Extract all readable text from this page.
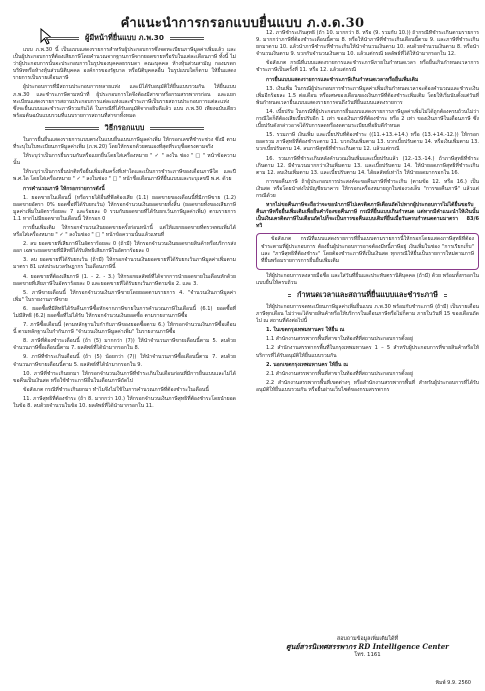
คำแนะนำการกรอกแบบยื่นแบบ ภ.ง.ด.30
ผู้มีหน้าที่ยื่นแบบ ภ.พ.30

แบบ ภ.พ.30 นี้ เป็นแบบแสดงรายการสำหรับผู้ประกอบการซึ่งจดทะเบียนภาษีมูลค่าเพิ่มแล้ว และเป็นผู้ประกอบการที่ต้องเสียภาษีโดยคำนวณจากฐานภาษีจากยอดขายหรือรับในแต่ละเดือนภาษี ทั้งนี้ ไม่ว่าผู้ประกอบการนั้นจะประกอบการในรูปของบุคคลธรรมดา คณะบุคคล ห้างหุ้นส่วนสามัญ กองมรดก บริษัทหรือห้างหุ้นส่วนนิติบุคคล องค์การของรัฐบาล หรือนิติบุคคลอื่น ในรูปแบบใดก็ตาม ให้ยื่นแสดงรายการเป็นรายเดือนภาษี

ผู้ประกอบการที่มีสถานประกอบการหลายแห่ง และมิได้รับอนุมัติให้ยื่นแบบรวมกัน ให้ยื่นแบบ ภ.พ.30 และชำระภาษีตามหน้าที่ ผู้ประกอบการใดจึงต้องมีสาขาหรือกรมสรรพากรก่อน และแยกทะเบียนแสดงรายการสถานประกอบการแต่ละแห่งและชำระภาษีเป็นรายสถานประกอบการแต่ละแห่ง ซึ่งจะยื่นแบบและชำระภาษีรวมกันได้ ในกรณีที่ได้รับอนุมัติจากอธิบดีแล้ว แบบ ภ.พ.30 เพียงฉบับเดียว พร้อมต้นฉบับแบบรวมที่แนบรายการสถานที่สาขาทั้งหมด

วิธีกรอกแบบ

ในการยื่นยื่นแสดงรายการแบบตรงในแบบยื่นแบบภาษีมูลค่าเพิ่ม ให้กรอกเลขที่ชำระช่วง ซึ่งมี ตามที่ระบุในใบทะเบียนภาษีมูลค่าเพิ่ม (ภ.พ.20) โดยให้กรอกด้วยตนเองที่สุดที่ระบุชื่อตรงตามจริง

ให้ระบุว่าเป็นการยื่นรวมกันหรือแยกยื่นโดยใส่เครื่องหมาย " ✓ " ลงใน ช่อง " □ " หน้าข้อความนั้น

ให้ระบุว่าเป็นการยื่นปกติหรือยื่นเพิ่มเติมครั้งที่เท่าใดและเป็นการชำระภาษีของเดือนภาษีใด และปี พ.ศ.ใด โดยใส่เครื่องหมาย " ✓ " ลงในช่อง " □ " หน้าชื่อเดือนภาษีที่ยื่นแบบและระบุเลขปี พ.ศ. ด้วย

การคำนวณภาษี ให้กรอกรายการดังนี้

1. ยอดขายในเดือนนี้ (หรือรายได้อื่นที่พึงต้องเสีย (1.1) ยอดขายของเดือนนี้ที่มีภาษีขาย (1.2) ยอดขายอัตรา 0% ยอดซื้อที่ได้รับยกเว้น) ให้กรอกจำนวนเงินยอดขายทั้งสิ้น (ยอดขายทั้งของเสียภาษีมูลค่าเพิ่มในอัตราร้อยละ 7 และร้อยละ 0 รวมกับยอดขายที่ได้รับยกเว้นภาษีมูลค่าเพิ่ม) ตามรายการ 1.1 หากไม่มียอดขายในเดือนนี้ ให้กรอก 0

การยื่นเพิ่มเติม ให้กรอกจำนวนเงินยอดขายครั้งก่อนหน้านี้ แต่ให้แยกยอดขายที่ตรวจพบเพิ่มได้ หรือใส่เครื่องหมาย " ✓ " ลงในช่อง " □ " หน้าข้อความนั้นแล้วแทนที่

2. ลบ ยอดขายที่เสียภาษีในอัตราร้อยละ 0 (ถ้ามี) ให้กรอกจำนวนเงินยอดขายสินค้าหรือบริการส่งออก เฉพาะยอดขายที่มีสิทธิได้รับสิทธิเสียภาษีในอัตราร้อยละ 0

3. ลบ ยอดขายที่ได้รับยกเว้น (ถ้ามี) ให้กรอกจำนวนเงินยอดขายที่ได้รับยกเว้นภาษีมูลค่าเพิ่มตามมาตรา 81 แห่งประมวลรัษฎากร ในเดือนภาษีนี้

4. ยอดขายที่ต้องเสียภาษี (1. - 2. - 3.) ให้กรอกผลลัพธ์ที่ได้จากการนำยอดขายในเดือนหักด้วยยอดขายที่เสียภาษีในอัตราร้อยละ 0 และยอดขายที่ได้รับยกเว้นภาษีตามข้อ 2. และ 3.

5. ภาษีขายเดือนนี้ ให้กรอกจำนวนเงินภาษีขายโดยยอดตามรายการ 4. "จำนวนเงินภาษีมูลค่าเพิ่ม" ในรายงานภาษีขาย

6. ยอดซื้อที่มีสิทธิได้รับคืนภาษีซื้อหักจากภาษีขายในการคำนวณภาษีในเดือนนี้ (6.1) ยอดซื้อที่ไม่มีสิทธิ (6.2) ยอดซื้อที่ไม่ได้รับ ให้กรอกจำนวนเงินยอดซื้อ ตามรายงานภาษีซื้อ

7. ภาษีซื้อเดือนนี้ (ตามหลักฐานใบกำกับภาษีของยอดซื้อตาม 6.) ให้กรอกจำนวนเงินภาษีซื้อเดือนนี้ ตามหลักฐานใบกำกับภาษี "จำนวนเงินภาษีมูลค่าเพิ่ม" ในรายงานภาษีซื้อ

8. ภาษีที่ต้องชำระเดือนนี้ (ถ้า (5) มากกว่า (7)) ให้นำจำนวนภาษีขายเดือนนี้ตาม 5. ลบด้วยจำนวนภาษีซื้อเดือนนี้ตาม 7. ผลลัพธ์ที่ได้นำมากรอกใน 8.

9. ภาษีที่ชำระเกินเดือนนี้ (ถ้า (5) น้อยกว่า (7)) ให้นำจำนวนภาษีซื้อเดือนนี้ตาม 7. ลบด้วยจำนวนภาษีขายเดือนนี้ตาม 5. ผลลัพธ์ที่ได้นำมากรอกใน 9.

10. ภาษีที่ชำระเกินยกมา ให้กรอกจำนวนเงินภาษีที่ชำระเกินในเดือนก่อนที่มีการยื่นแบบและไม่ได้ขอคืนเป็นเงินสด หรือใช้ชำระภาษีอื่นในเดือนภาษีถัดไป

ข้อสังเกต กรณีที่ชำระเกินยกมา ทำไมจึงไม่ใช้ในการคำนวณภาษีที่ต้องชำระในเดือนนี้

11. ภาษีสุทธิที่ต้องชำระ (ถ้า 8. มากกว่า 10.) ให้กรอกจำนวนเงินภาษีสุทธิที่ต้องชำระโดยนำยอดในข้อ 8. ลบด้วยจำนวนในข้อ 10. ผลลัพธ์ที่ได้นำมากรอกใน 11.

12. ภาษีชำระเกินสุทธิ (ถ้า 10. มากกว่า 8. หรือ (9. รวมกับ 10.)) ถ้ากรณีที่ชำระเกินตามรายการ 9. มากกว่าภาษีที่ต้องชำระเดือนนี้ตาม 8. หรือให้นำภาษีที่ชำระเกินเดือนนี้ตาม 9. และภาษีที่ชำระเกินยกมาตาม 10. แล้วนำภาษีชำระที่ชำระเกินให้นำจำนวนเงินตาม 10. ลบด้วยจำนวนเงินตาม 8. หรือนำจำนวนเงินตาม 9. บวกกับจำนวนเงินตาม 10. แล้วแต่กรณี ผลลัพธ์ที่ได้ให้นำมากรอกใน 12.

ข้อสังเกต กรณีที่แบบแสดงรายการและชำระภาษีภายในกำหนดเวลา หรือยื่นเกินกำหนดเวลาการชำระภาษีเป็นครั้งที่ 11. หรือ 12. แล้วแต่กรณี

การยื่นแบบแสดงรายการและชำระภาษีเกินกำหนดเวลาหรือยื่นเพิ่มเติม

13. เงินเพิ่ม ในกรณีผู้ประกอบการชำระภาษีมูลค่าเพิ่มเกินกำหนดเวลาจะต้องคำนวณและชำระเงินเพิ่มอีกร้อยละ 1.5 ต่อเดือน หรือเศษของเดือนของเงินภาษีที่ต้องชำระเพิ่มเติม โดยให้เริ่มนับตั้งแต่วันที่พ้นกำหนดเวลายื่นแบบแสดงรายการจนถึงวันที่ยื่นแบบแสดงรายการ

14. เบี้ยปรับ ในกรณีที่ผู้ประกอบการยื่นแบบแสดงรายการภาษีมูลค่าเพิ่มไม่ได้ถูกต้องครบถ้วนไม่ว่ากรณีใดก็ดีต้องเสียเบี้ยปรับอีก 1 เท่า ของเงินภาษีที่ต้องชำระ หรือ 2 เท่า ของเงินภาษีในเดือนภาษี ซึ่งเบี้ยปรับดังกล่าวอาจได้รับการลดหรืองดตามระเบียบที่อธิบดีกำหนด

15. รวมภาษี เงินเพิ่ม และเบี้ยปรับที่ต้องชำระ ((11.+13.+14.) หรือ (13.+14.-12.)) ให้กรอกยอดรวม ภาษีสุทธิที่ต้องชำระตาม 11. บวกเงินเพิ่มตาม 13. บวกเบี้ยปรับตาม 14. หรือเงินเพิ่มตาม 13. บวกเบี้ยปรับตาม 14. ลบภาษีสุทธิที่ชำระเกินตาม 12. แล้วแต่กรณี

16. รวมภาษีที่ชำระเกินหลังคำนวณเงินเพิ่มและเบี้ยปรับแล้ว (12.-13.-14.) ถ้าภาษีสุทธิที่ชำระเกินตาม 12. มีจำนวนมากกว่าเงินเพิ่มตาม 13. และเบี้ยปรับตาม 14. ให้นำยอดภาษีสุทธิที่ชำระเกินตาม 12. ลบเงินเพิ่มตาม 13. และเบี้ยปรับตาม 14. ได้ผลลัพธ์เท่าไร ให้นำยอดมากรอกใน 16.

การขอคืนภาษี ถ้าผู้ประกอบการประสงค์จะขอคืนภาษีที่ชำระเกิน (ตามข้อ 12. หรือ 16.) เป็นเงินสด หรือโดยนำส่งไปบัญชีธนาคาร ให้กรอกเครื่องหมายถูกในช่องวงเล็บ "การขอคืนภาษี" แล้วแต่กรณีด้วย

หากไม่ขอคืนภาษีจะถือว่าจะขอนำภาษีไปเครดิตภาษีเดือนถัดไปหากผู้ประกอบการไม่ได้ยื่นขอรับคืนภาษีหรือยื่นเพิ่มเติมเพื่อยื่นคำร้องขอคืนภาษี กรณีที่ยื่นแบบเกินกำหนด แต่หากมีคำแนะนำให้เงินนั้นเป็นเงินเครดิตภาษีในเดือนถัดไปก็จะเป็นการขอคืนแบบเดิมที่ยื่นเมื่อวันครบกำหนดตามมาตรา 83/6 ทวิ

ข้อสังเกต กรณีที่แบบแสดงรายการที่ยื่นแบบตามรายการนี้ให้กรอกโดยแสดงภาษีสุทธิที่ต้องชำระตามที่ผู้ประกอบการ ต้องยื่นผู้ประกอบการอาจต้องมีหนี้ภาษีอยู่ เงินเพิ่มในช่อง "การเรียกเก็บ" และ "ภาษีสุทธิที่ต้องชำระ" โดยต้องชำระภาษีที่เป็นเงินสด ทุกกรณีให้ยื่นเป็นรายการใหม่ตามภาษีที่ยื่นพร้อมรายการการยื่นยื่นเพิ่มเติม

ให้ผู้ประกอบการลงลายมือชื่อ และใส่วันที่ยื่นและประทับตรานิติบุคคล (ถ้ามี) ด้วย พร้อมทั้งกรอกในแบบยื่นให้ครบถ้วน

กำหนดเวลาและสถานที่ยื่นแบบและชำระภาษี

ให้ผู้ประกอบการจดทะเบียนภาษีมูลค่าเพิ่มยื่นแบบ ภ.พ.30 พร้อมกับชำระภาษี (ถ้ามี) เป็นรายเดือนภาษีทุกเดือน ไม่ว่าจะได้ขายสินค้าหรือให้บริการในเดือนภาษีหรือไม่ก็ตาม ภายในวันที่ 15 ของเดือนถัดไป ณ สถานที่ดังต่อไปนี้

1. ในเขตกรุงเทพมหานคร ให้ยื่น ณ

1.1 สำนักงานสรรพากรพื้นที่สาขาในท้องที่ที่สถานประกอบการตั้งอยู่

1.2 สำนักงานสรรพากรพื้นที่ในกรุงเทพมหานคร 1 – 5 สำหรับผู้ประกอบการที่ขายสินค้าหรือให้บริการที่ได้รับอนุมัติให้ยื่นแบบรวมกัน

2. นอกเขตกรุงเทพมหานคร ให้ยื่น ณ

2.1 สำนักงานสรรพากรพื้นที่สาขาในท้องที่ที่สถานประกอบการตั้งอยู่

2.2 สำนักงานสรรพากรพื้นที่เขตต่างๆ หรือสำนักงานสรรพากรพื้นที่ สำหรับผู้ประกอบการที่ได้รับอนุมัติให้ยื่นแบบรวมกัน หรือยื่นผ่านเว็บไซต์ของกรมสรรพากร

สอบถามข้อมูลเพิ่มเติมได้ที่
ศูนย์สารนิเทศสรรพากร RD Intelligence Center
โทร. 1161
พิมพ์ 9.9. 2560
